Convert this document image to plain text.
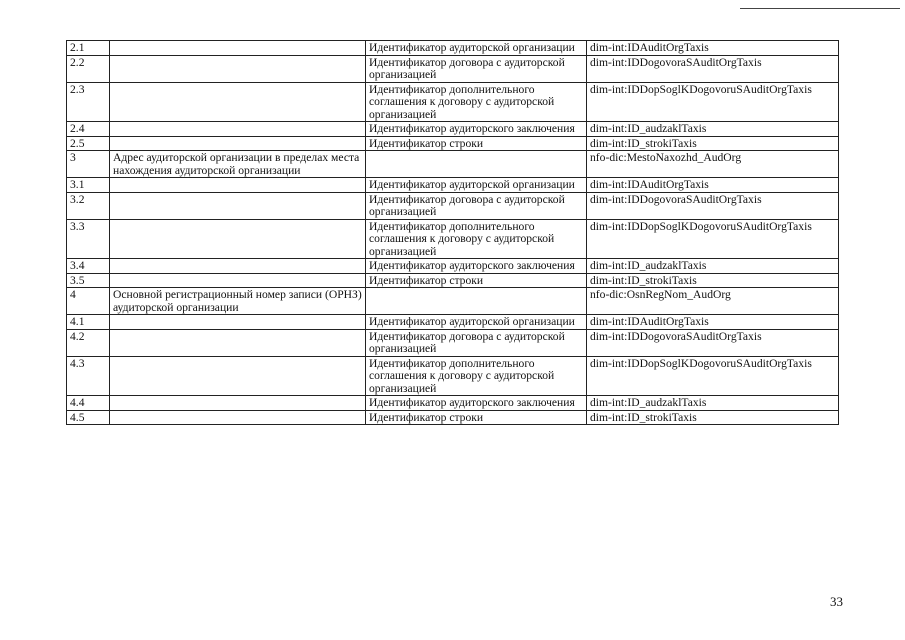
2.1		Идентификатор аудиторской организации	dim-int:IDAuditOrgTaxis
2.2		Идентификатор договора с аудиторской организацией	dim-int:IDDogovoraSAuditOrgTaxis
2.3		Идентификатор дополнительного соглашения к договору с аудиторской организацией	dim-int:IDDopSoglKDogovoruSAuditOrgTaxis
2.4		Идентификатор аудиторского заключения	dim-int:ID_audzaklTaxis
2.5		Идентификатор строки	dim-int:ID_strokiTaxis
3	Адрес аудиторской организации в пределах места нахождения аудиторской организации		nfo-dic:MestoNaxozhd_AudOrg
3.1		Идентификатор аудиторской организации	dim-int:IDAuditOrgTaxis
3.2		Идентификатор договора с аудиторской организацией	dim-int:IDDogovoraSAuditOrgTaxis
3.3		Идентификатор дополнительного соглашения к договору с аудиторской организацией	dim-int:IDDopSoglKDogovoruSAuditOrgTaxis
3.4		Идентификатор аудиторского заключения	dim-int:ID_audzaklTaxis
3.5		Идентификатор строки	dim-int:ID_strokiTaxis
4	Основной регистрационный номер записи (ОРНЗ) аудиторской организации		nfo-dic:OsnRegNom_AudOrg
4.1		Идентификатор аудиторской организации	dim-int:IDAuditOrgTaxis
4.2		Идентификатор договора с аудиторской организацией	dim-int:IDDogovoraSAuditOrgTaxis
4.3		Идентификатор дополнительного соглашения к договору с аудиторской организацией	dim-int:IDDopSoglKDogovoruSAuditOrgTaxis
4.4		Идентификатор аудиторского заключения	dim-int:ID_audzaklTaxis
4.5		Идентификатор строки	dim-int:ID_strokiTaxis
33
